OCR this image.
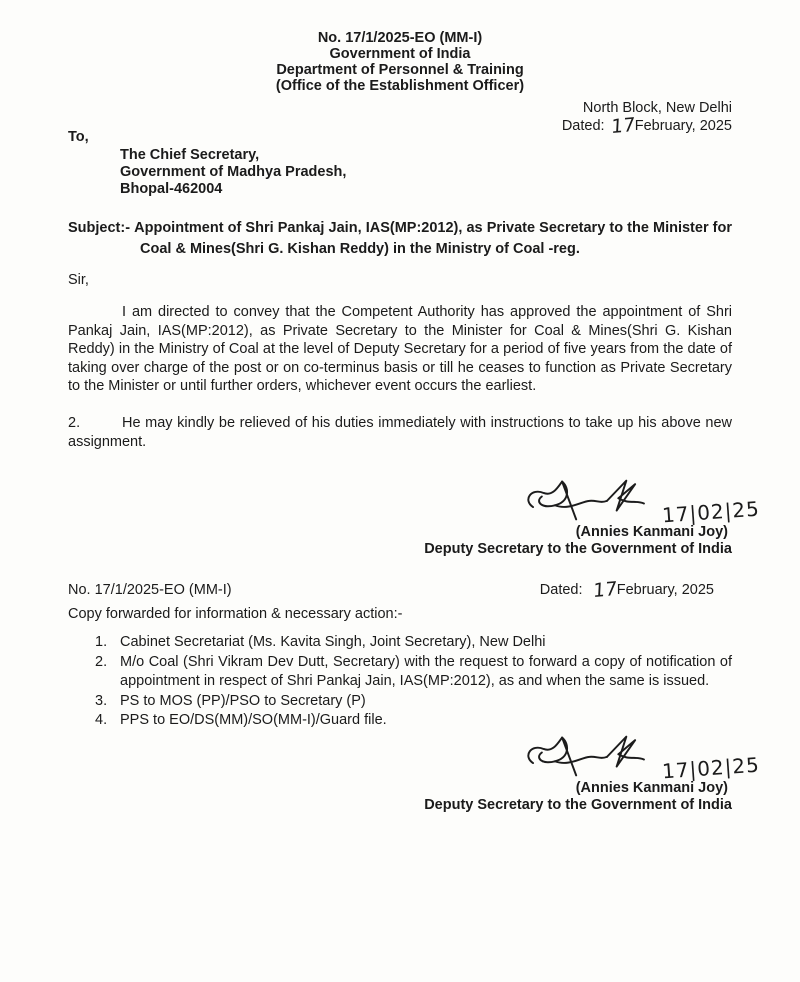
No. 17/1/2025-EO (MM-I)
Government of India
Department of Personnel & Training
(Office of the Establishment Officer)
North Block, New Delhi
Dated: 17February, 2025
To,
The Chief Secretary,
Government of Madhya Pradesh,
Bhopal-462004
Subject:- Appointment of Shri Pankaj Jain, IAS(MP:2012), as Private Secretary to the Minister for Coal & Mines(Shri G. Kishan Reddy) in the Ministry of Coal -reg.
Sir,
I am directed to convey that the Competent Authority has approved the appointment of Shri Pankaj Jain, IAS(MP:2012), as Private Secretary to the Minister for Coal & Mines(Shri G. Kishan Reddy) in the Ministry of Coal at the level of Deputy Secretary for a period of five years from the date of taking over charge of the post or on co-terminus basis or till he ceases to function as Private Secretary to the Minister or until further orders, whichever event occurs the earliest.
2.	He may kindly be relieved of his duties immediately with instructions to take up his above new assignment.
17|02|25
(Annies Kanmani Joy)
Deputy Secretary to the Government of India
No. 17/1/2025-EO (MM-I)	Dated: 17February, 2025
Copy forwarded for information & necessary action:-
1. Cabinet Secretariat (Ms. Kavita Singh, Joint Secretary), New Delhi
2. M/o Coal (Shri Vikram Dev Dutt, Secretary) with the request to forward a copy of notification of appointment in respect of Shri Pankaj Jain, IAS(MP:2012), as and when the same is issued.
3. PS to MOS (PP)/PSO to Secretary (P)
4. PPS to EO/DS(MM)/SO(MM-I)/Guard file.
17|02|25
(Annies Kanmani Joy)
Deputy Secretary to the Government of India
